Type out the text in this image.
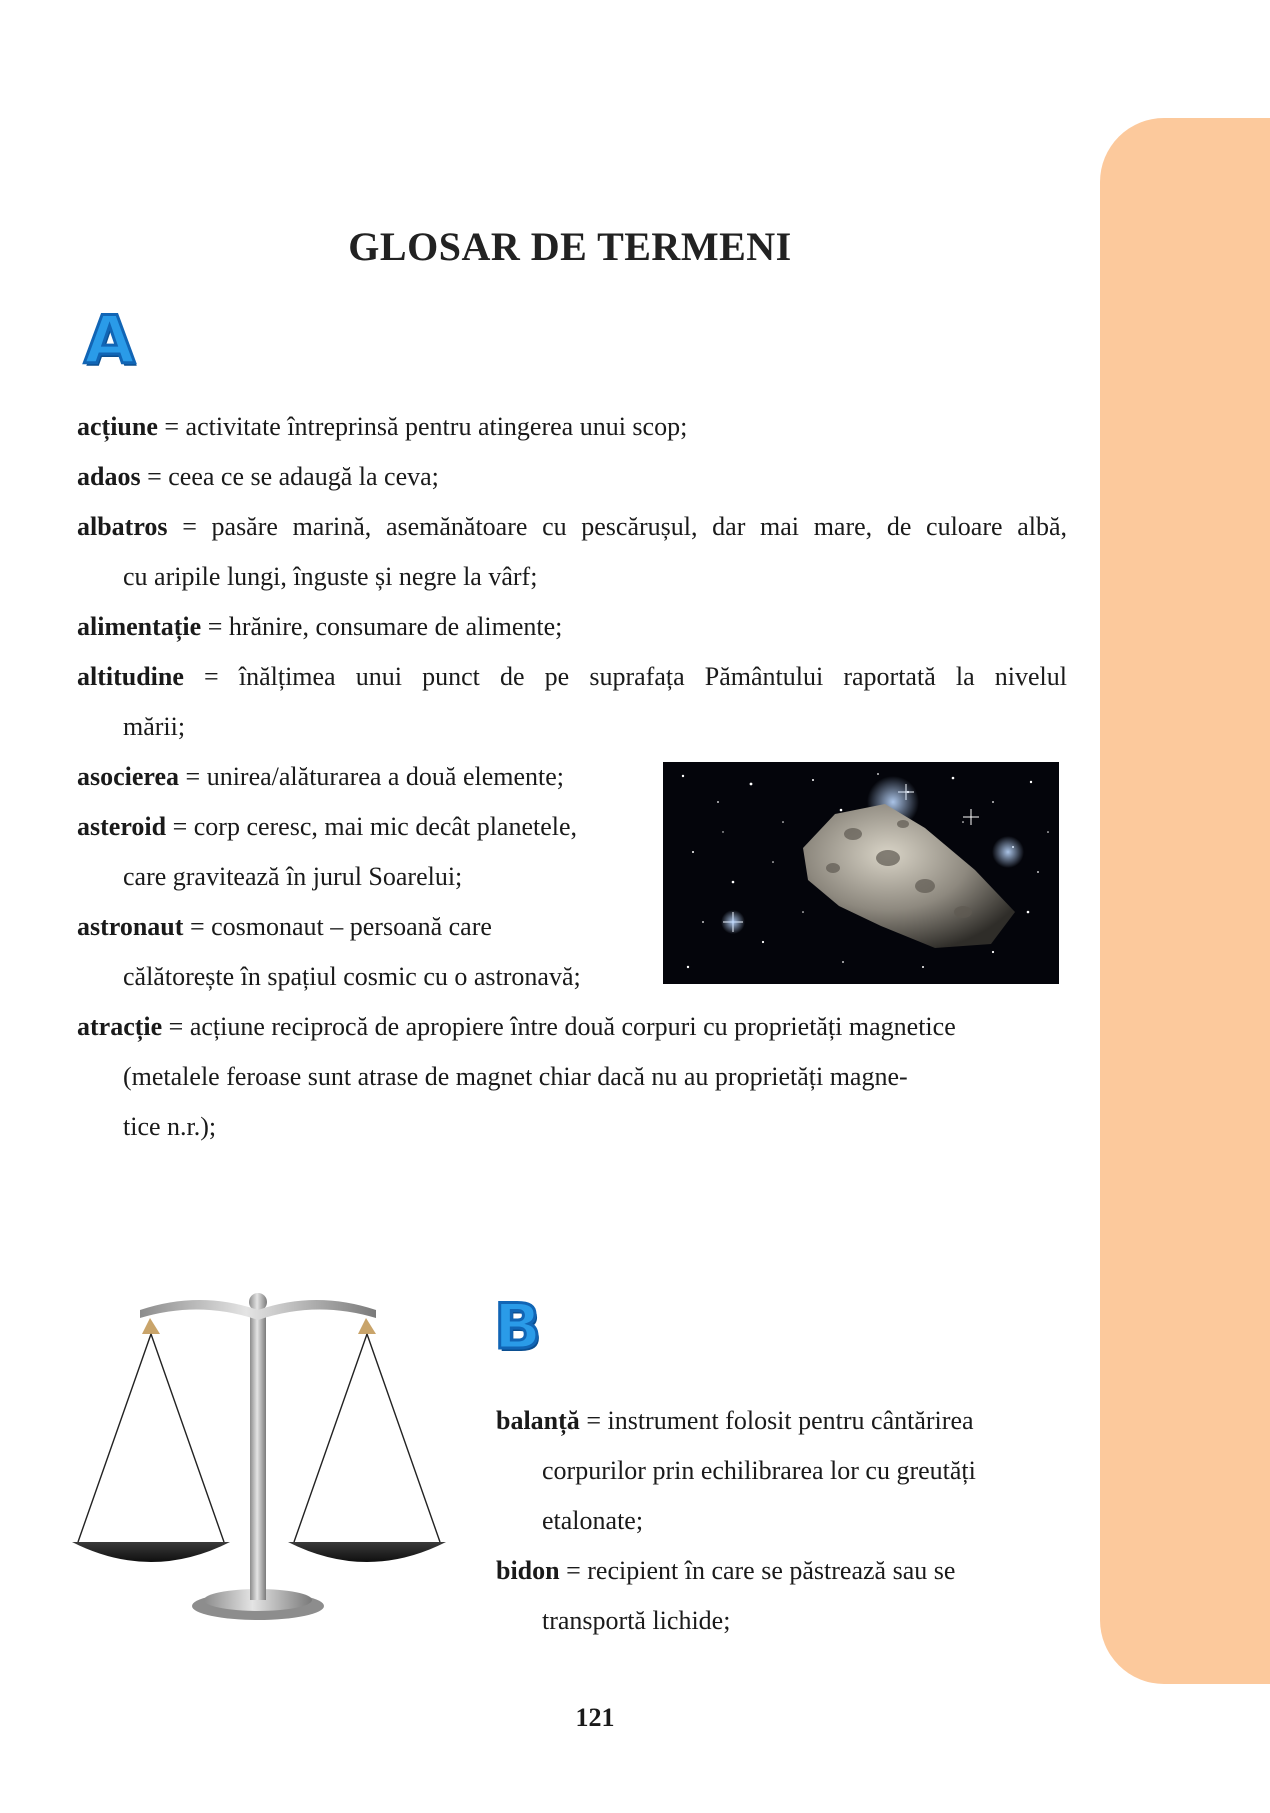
GLOSAR DE TERMENI
A

acțiune = activitate întreprinsă pentru atingerea unui scop;

adaos = ceea ce se adaugă la ceva;

albatros = pasăre marină, asemănătoare cu pescărușul, dar mai mare, de culoare albă,

cu aripile lungi, înguste și negre la vârf;

alimentație = hrănire, consumare de alimente;

altitudine = înălțimea unui punct de pe suprafața Pământului raportată la nivelul

mării;

asocierea = unirea/alăturarea a două elemente;

asteroid = corp ceresc, mai mic decât planetele,

care gravitează în jurul Soarelui;

astronaut = cosmonaut – persoană care

călătorește în spațiul cosmic cu o astronavă;

atracție = acțiune reciprocă de apropiere între două corpuri cu proprietăți magnetice

(metalele feroase sunt atrase de magnet chiar dacă nu au proprietăți magne-

tice n.r.);

B

balanță = instrument folosit pentru cântărirea

corpurilor prin echilibrarea lor cu greutăți

etalonate;

bidon = recipient în care se păstrează sau se

transportă lichide;

121
